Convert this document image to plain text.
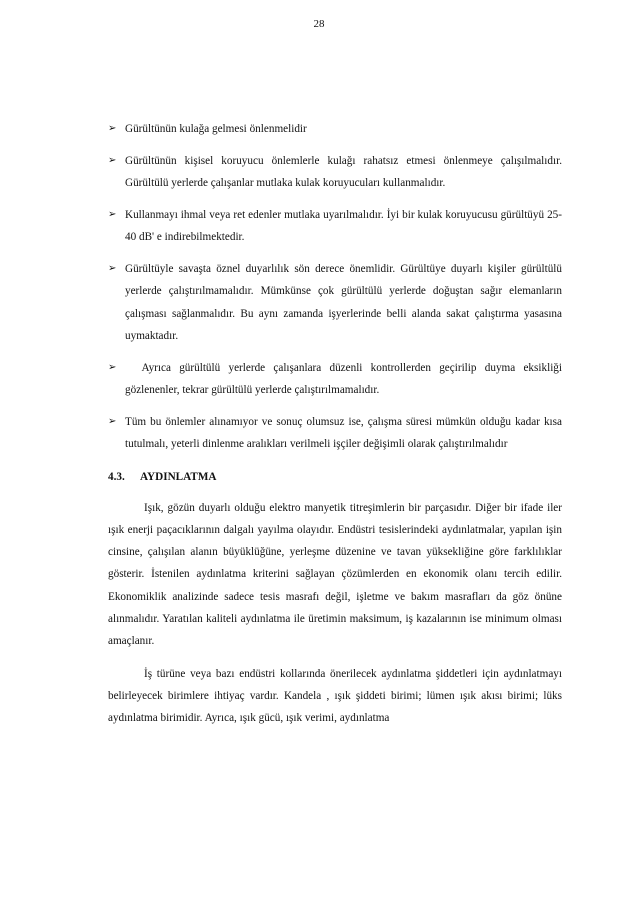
28
➢ Gürültünün kulağa gelmesi önlenmelidir
➢ Gürültünün kişisel koruyucu önlemlerle kulağı rahatsız etmesi önlenmeye çalışılmalıdır. Gürültülü yerlerde çalışanlar mutlaka kulak koruyucuları kullanmalıdır.
➢ Kullanmayı ihmal veya ret edenler mutlaka uyarılmalıdır. İyi bir kulak koruyucusu gürültüyü 25-40 dB' e indirebilmektedir.
➢ Gürültüyle savaşta öznel duyarlılık sön derece önemlidir. Gürültüye duyarlı kişiler gürültülü yerlerde çalıştırılmamalıdır. Mümkünse çok gürültülü yerlerde doğuştan sağır elemanların çalışması sağlanmalıdır. Bu aynı zamanda işyerlerinde belli alanda sakat çalıştırma yasasına uymaktadır.
➢ Ayrıca gürültülü yerlerde çalışanlara düzenli kontrollerden geçirilip duyma eksikliği gözlenenler, tekrar gürültülü yerlerde çalıştırılmamalıdır.
➢ Tüm bu önlemler alınamıyor ve sonuç olumsuz ise, çalışma süresi mümkün olduğu kadar kısa tutulmalı, yeterli dinlenme aralıkları verilmeli işçiler değişimli olarak çalıştırılmalıdır
4.3. AYDINLATMA

Işık, gözün duyarlı olduğu elektro manyetik titreşimlerin bir parçasıdır. Diğer bir ifade iler ışık enerji paçacıklarının dalgalı yayılma olayıdır. Endüstri tesislerindeki aydınlatmalar, yapılan işin cinsine, çalışılan alanın büyüklüğüne, yerleşme düzenine ve tavan yüksekliğine göre farklılıklar gösterir. İstenilen aydınlatma kriterini sağlayan çözümlerden en ekonomik olanı tercih edilir. Ekonomiklik analizinde sadece tesis masrafı değil, işletme ve bakım masrafları da göz önüne alınmalıdır. Yaratılan kaliteli aydınlatma ile üretimin maksimum, iş kazalarının ise minimum olması amaçlanır.

İş türüne veya bazı endüstri kollarında önerilecek aydınlatma şiddetleri için aydınlatmayı belirleyecek birimlere ihtiyaç vardır. Kandela , ışık şiddeti birimi; lümen ışık akısı birimi; lüks aydınlatma birimidir. Ayrıca, ışık gücü, ışık verimi, aydınlatma
